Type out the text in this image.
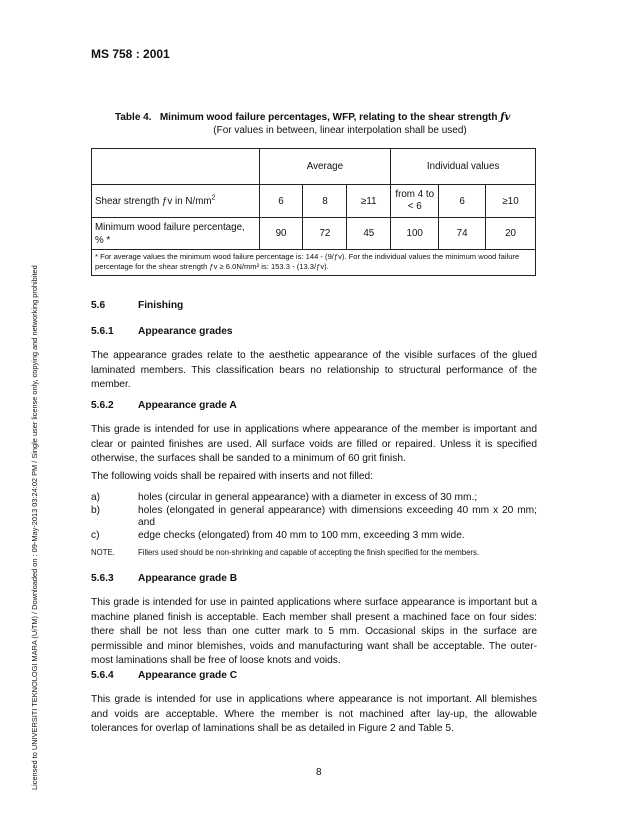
MS 758 : 2001
Licensed to UNIVERSITI TEKNOLOGI MARA (UiTM) / Downloaded on : 09-May-2013 03:24:02 PM / Single user license only, copying and networking prohibited
Table 4. Minimum wood failure percentages, WFP, relating to the shear strength ƒv
(For values in between, linear interpolation shall be used)
	Average			Individual values		
Shear strength ƒv in $N/mm^2$	6	8	≥11	from 4 to < 6	6	≥10
Minimum wood failure percentage, % *	90	72	45	100	74	20
* For average values the minimum wood failure percentage is: 144 - (9/ƒv). For the individual values the minimum wood failure percentage for the shear strength ƒv ≥ 6.0N/mm² is: 153.3 - (13.3/ƒv).						
5.6	Finishing
5.6.1 Appearance grades
The appearance grades relate to the aesthetic appearance of the visible surfaces of the glued laminated members. This classification bears no relationship to structural performance of the member.
5.6.2 Appearance grade A
This grade is intended for use in applications where appearance of the member is important and clear or painted finishes are used. All surface voids are filled or repaired. Unless it is specified otherwise, the surfaces shall be sanded to a minimum of 60 grit finish.
The following voids shall be repaired with inserts and not filled:
a)	holes (circular in general appearance) with a diameter in excess of 30 mm.;
b)	holes (elongated in general appearance) with dimensions exceeding 40 mm x 20 mm; and
c)	edge checks (elongated) from 40 mm to 100 mm, exceeding 3 mm wide.
NOTE.	Fillers used should be non-shrinking and capable of accepting the finish specified for the members.
5.6.3 Appearance grade B
This grade is intended for use in painted applications where surface appearance is important but a machine planed finish is acceptable. Each member shall present a machined face on four sides: there shall be not less than one cutter mark to 5 mm. Occasional skips in the surface are permissible and minor blemishes, voids and manufacturing want shall be acceptable. The outer-most laminations shall be free of loose knots and voids.
5.6.4 Appearance grade C
This grade is intended for use in applications where appearance is not important. All blemishes and voids are acceptable. Where the member is not machined after lay-up, the allowable tolerances for overlap of laminations shall be as detailed in Figure 2 and Table 5.
8
